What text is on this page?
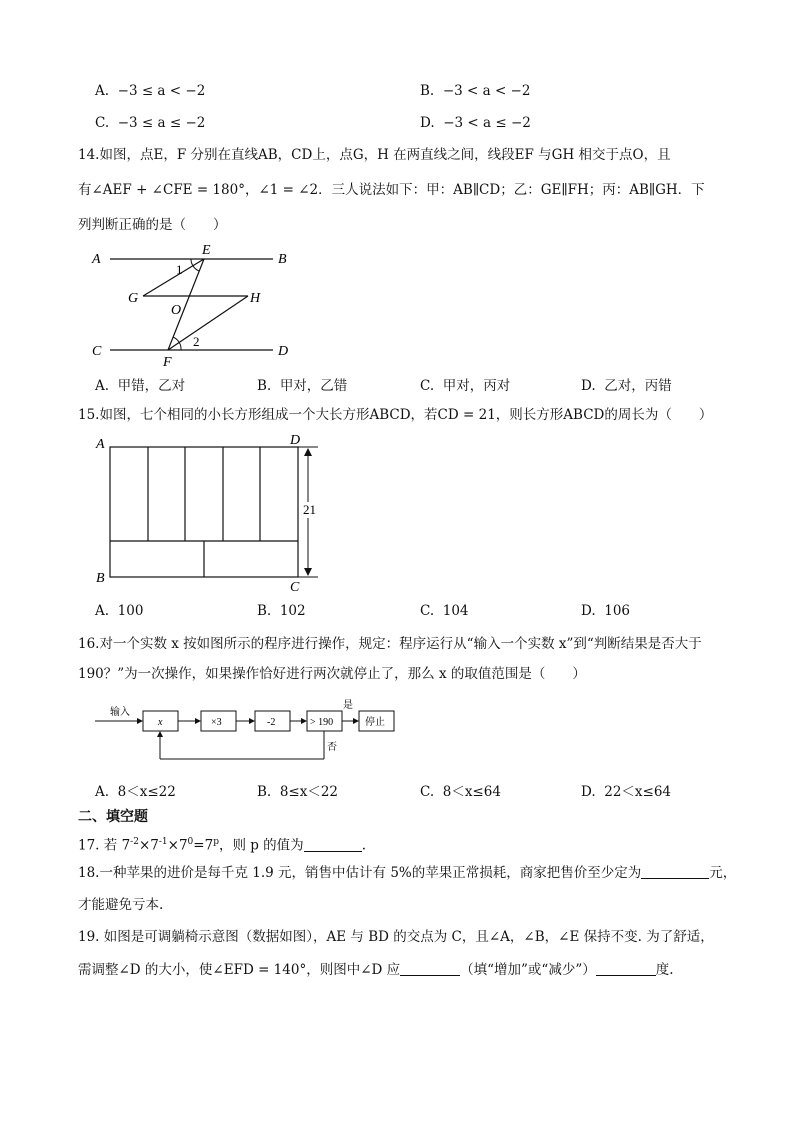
A. −3 ≤ a < −2	B. −3 < a < −2
C. −3 ≤ a ≤ −2	D. −3 < a ≤ −2
14.如图，点E，F 分别在直线AB，CD上，点G，H 在两直线之间，线段EF 与GH 相交于点O，且
有∠AEF + ∠CFE = 180°，∠1 = ∠2．三人说法如下：甲：AB∥CD；乙：GE∥FH；丙：AB∥GH．下
列判断正确的是（　　）
A	B
C	D
E
F
G	H
O
1
2
A. 甲错，乙对	B. 甲对，乙错	C. 甲对，丙对	D. 乙对，丙错
15.如图，七个相同的小长方形组成一个大长方形ABCD，若CD = 21，则长方形ABCD的周长为（　　）
A	D
B
C
21
A. 100	B. 102	C. 104	D. 106
16.对一个实数 x 按如图所示的程序进行操作，规定：程序运行从“输入一个实数 x”到“判断结果是否大于
190？”为一次操作，如果操作恰好进行两次就停止了，那么 x 的取值范围是（　　）
输入
x	×3	-2	> 190
是
停止
否
A. 8＜x≤22	B. 8≤x＜22	C. 8＜x≤64	D. 22＜x≤64
二、填空题
17. 若 $7^{-2}\times 7^{-1}\times 7^0=7^p$，则 p 的值为	.
18.一种苹果的进价是每千克 1.9 元，销售中估计有 5%的苹果正常损耗，商家把售价至少定为	元，
才能避免亏本.
19. 如图是可调躺椅示意图（数据如图），AE 与 BD 的交点为 C，且∠A，∠B，∠E 保持不变. 为了舒适，
需调整∠D 的大小，使∠EFD = 140°，则图中∠D 应	（填“增加”或“减少”）	度.
